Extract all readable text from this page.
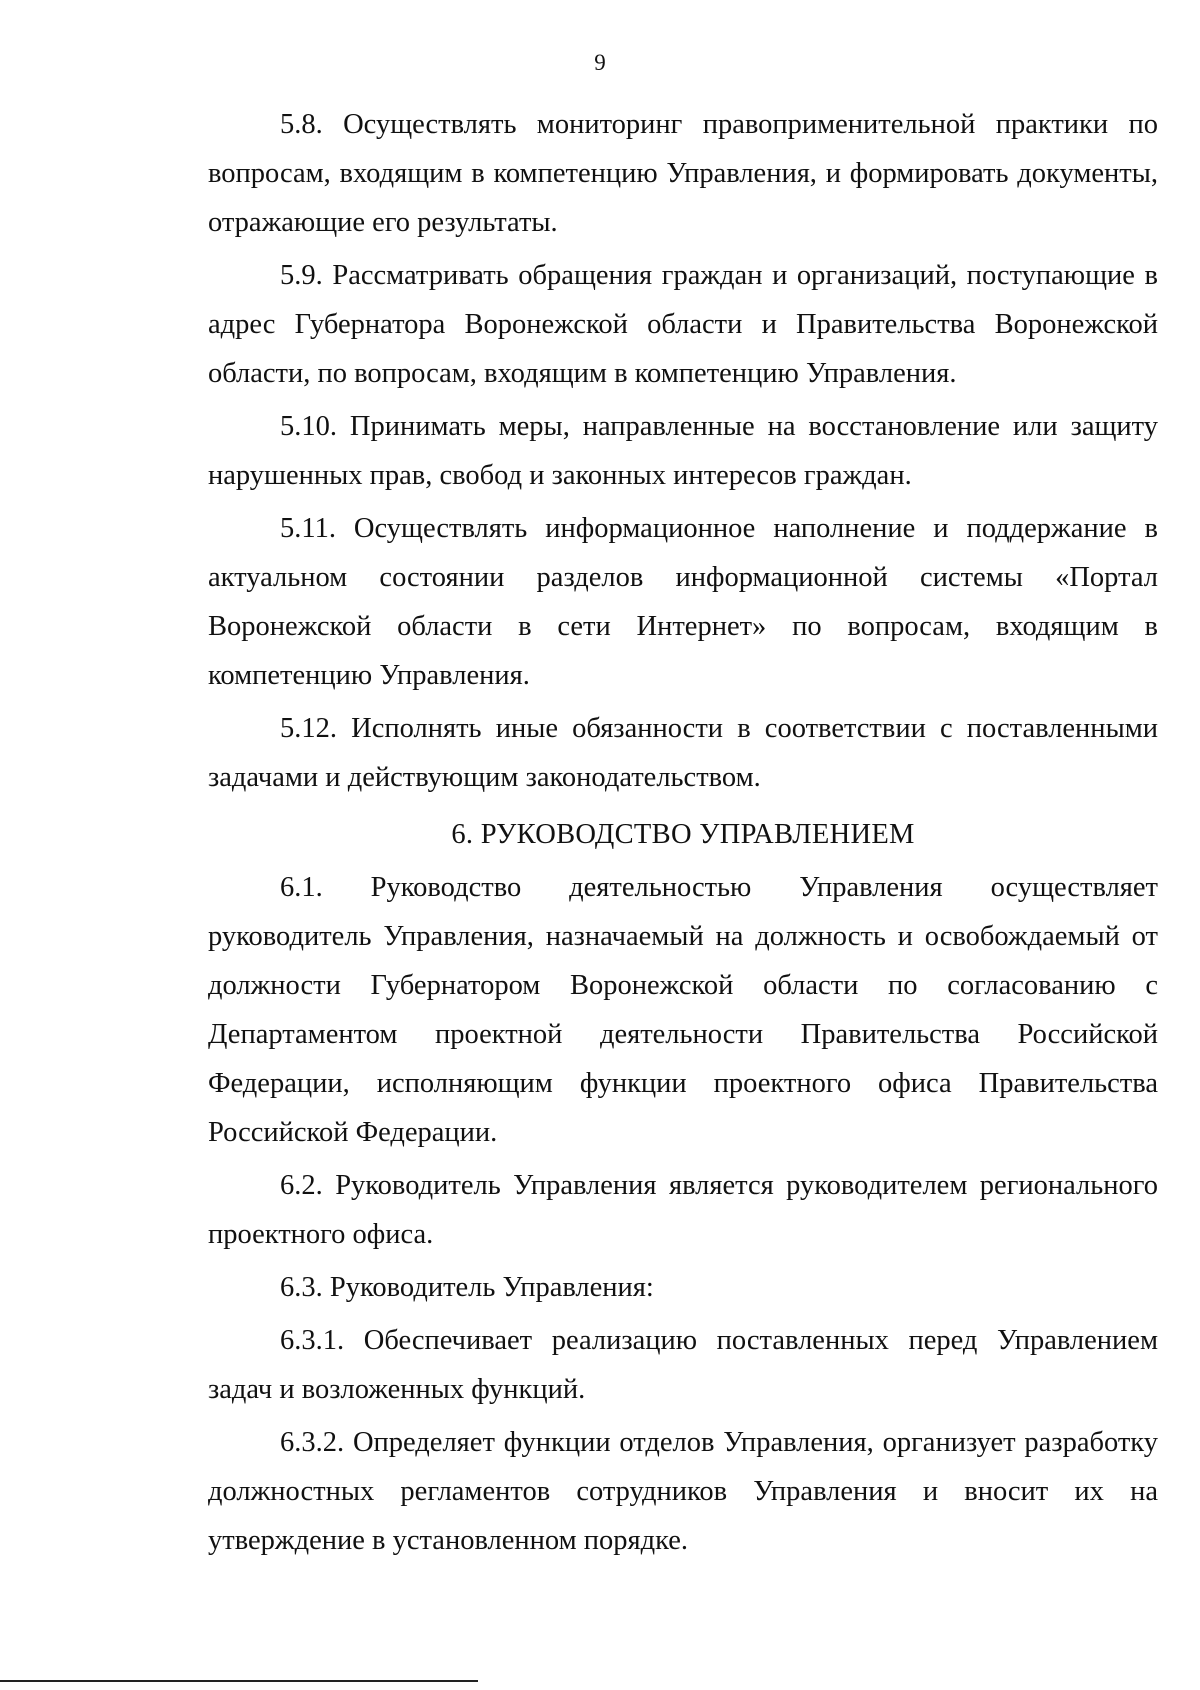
9

5.8. Осуществлять мониторинг правоприменительной практики по вопросам, входящим в компетенцию Управления, и формировать документы, отражающие его результаты.

5.9. Рассматривать обращения граждан и организаций, поступающие в адрес Губернатора Воронежской области и Правительства Воронежской области, по вопросам, входящим в компетенцию Управления.

5.10. Принимать меры, направленные на восстановление или защиту нарушенных прав, свобод и законных интересов граждан.

5.11. Осуществлять информационное наполнение и поддержание в актуальном состоянии разделов информационной системы «Портал Воронежской области в сети Интернет» по вопросам, входящим в компетенцию Управления.

5.12. Исполнять иные обязанности в соответствии с поставленными задачами и действующим законодательством.

6. РУКОВОДСТВО УПРАВЛЕНИЕМ

6.1. Руководство деятельностью Управления осуществляет руководитель Управления, назначаемый на должность и освобождаемый от должности Губернатором Воронежской области по согласованию с Департаментом проектной деятельности Правительства Российской Федерации, исполняющим функции проектного офиса Правительства Российской Федерации.

6.2. Руководитель Управления является руководителем регионального проектного офиса.

6.3. Руководитель Управления:

6.3.1. Обеспечивает реализацию поставленных перед Управлением задач и возложенных функций.

6.3.2. Определяет функции отделов Управления, организует разработку должностных регламентов сотрудников Управления и вносит их на утверждение в установленном порядке.
